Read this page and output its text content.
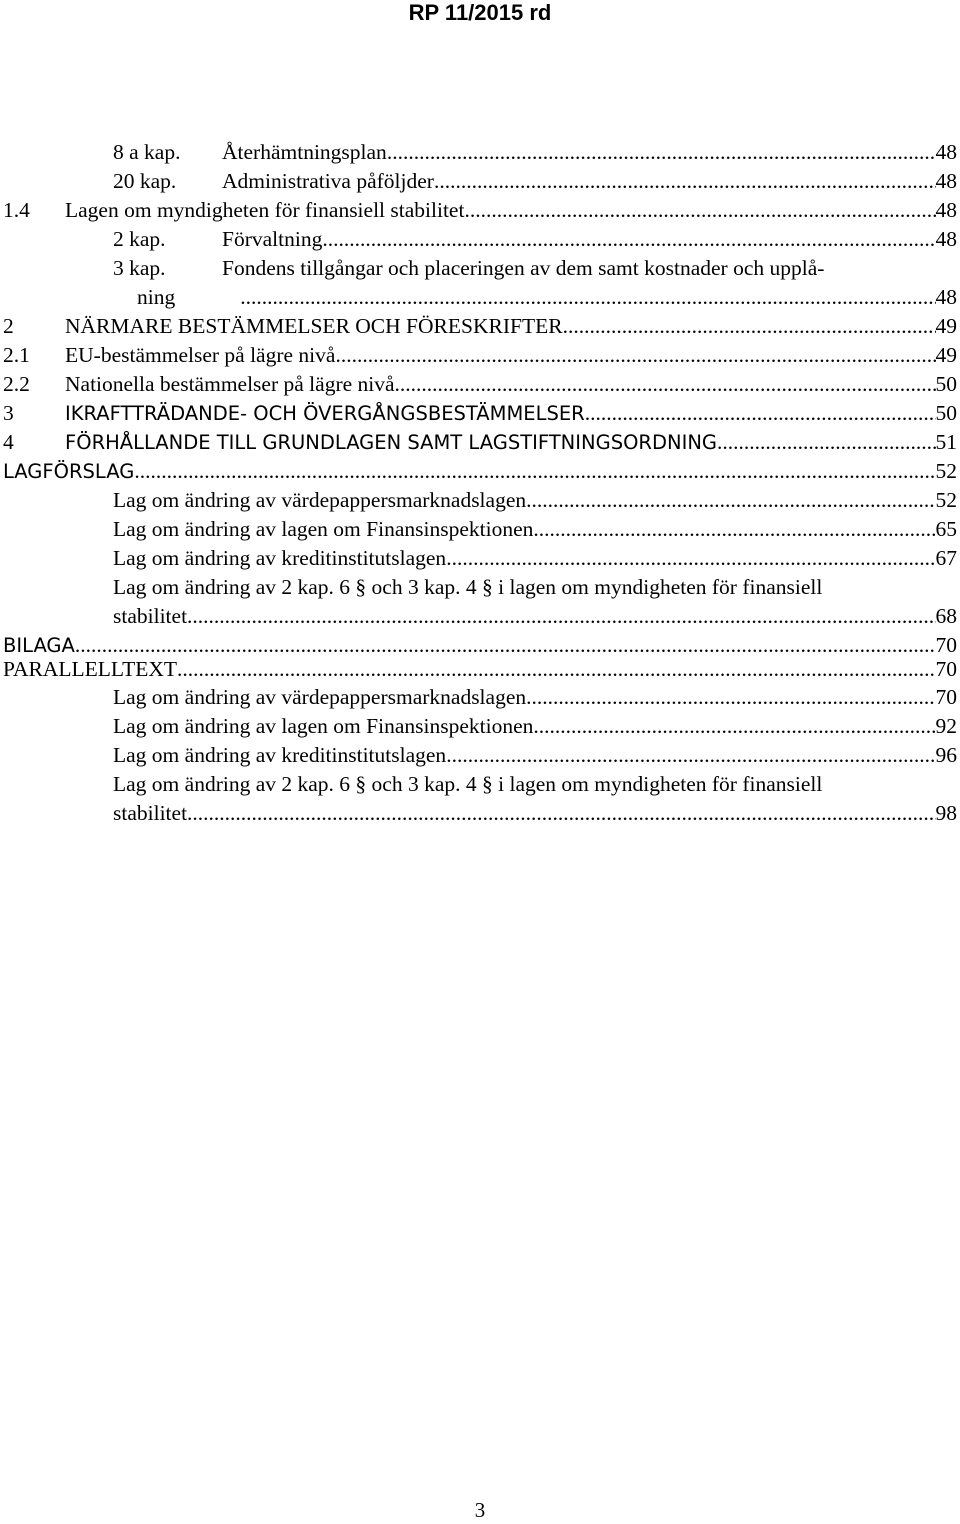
RP 11/2015 rd
8 a kap. Återhämtningsplan .....	48
20 kap. Administrativa påföljder .....	48
1.4 Lagen om myndigheten för finansiell stabilitet .....	48
2 kap.	Förvaltning .....	48
3 kap.	Fondens tillgångar och placeringen av dem samt kostnader och upplå-
ning .....	48
2 NÄRMARE BESTÄMMELSER OCH FÖRESKRIFTER .....	49
2.1 EU-bestämmelser på lägre nivå .....	49
2.2 Nationella bestämmelser på lägre nivå .....	50
3	IKRAFTTRÄDANDE- OCH ÖVERGÅNGSBESTÄMMELSER .....	50
4	FÖRHÅLLANDE TILL GRUNDLAGEN SAMT LAGSTIFTNINGSORDNING .....	51
LAGFÖRSLAG .....	52
Lag om ändring av värdepappersmarknadslagen .....	52
Lag om ändring av lagen om Finansinspektionen .....	65
Lag om ändring av kreditinstitutslagen .....	67
Lag om ändring av 2 kap. 6 § och 3 kap. 4 § i lagen om myndigheten för finansiell
stabilitet .....	68
BILAGA .....	70
PARALLELLTEXT .....	70
Lag om ändring av värdepappersmarknadslagen .....	70
Lag om ändring av lagen om Finansinspektionen .....	92
Lag om ändring av kreditinstitutslagen .....	96
Lag om ändring av 2 kap. 6 § och 3 kap. 4 § i lagen om myndigheten för finansiell
stabilitet .....	98
3
